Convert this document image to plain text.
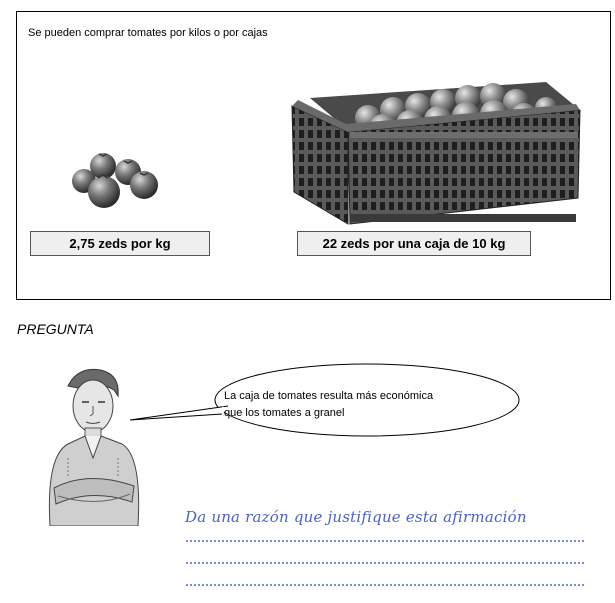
Se pueden comprar tomates por kilos o por cajas
2,75 zeds por kg	22 zeds por una caja de 10 kg
PREGUNTA
La caja de tomates resulta más económica
que los tomates a granel
Da una razón que justifique esta afirmación
